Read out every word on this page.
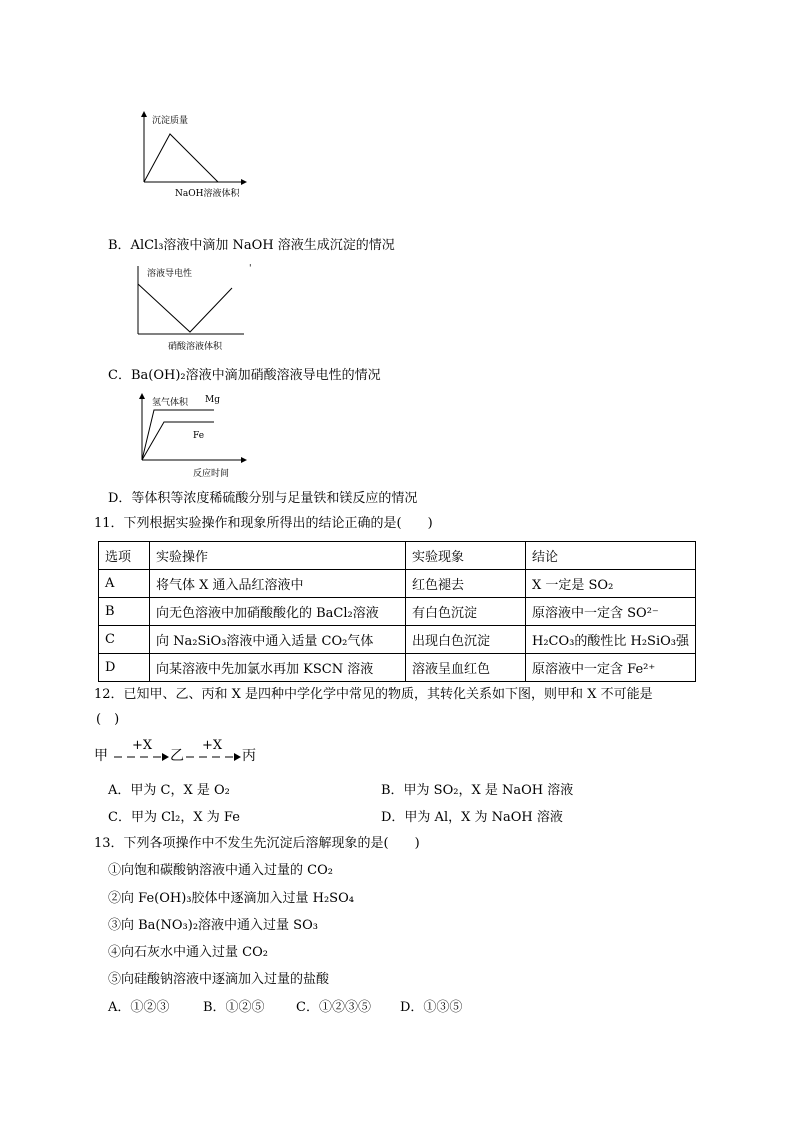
沉淀质量
NaOH溶液体积
B．AlCl₃溶液中滴加 NaOH 溶液生成沉淀的情况
溶液导电性	'
硝酸溶液体积
C．Ba(OH)₂溶液中滴加硝酸溶液导电性的情况
氢气体积 Mg
Fe
反应时间
D．等体积等浓度稀硫酸分别与足量铁和镁反应的情况
11．下列根据实验操作和现象所得出的结论正确的是(　　)
选项	实验操作	实验现象	结论
A	将气体 X 通入品红溶液中	红色褪去	X 一定是 SO₂
B	向无色溶液中加硝酸酸化的 BaCl₂溶液	有白色沉淀	原溶液中一定含 SO²⁻
C	向 Na₂SiO₃溶液中通入适量 CO₂气体	出现白色沉淀	H₂CO₃的酸性比 H₂SiO₃强
D	向某溶液中先加氯水再加 KSCN 溶液	溶液呈血红色	原溶液中一定含 Fe²⁺
12．已知甲、乙、丙和 X 是四种中学化学中常见的物质，其转化关系如下图，则甲和 X 不可能是
(　)
甲
+X
乙
+X
丙
A．甲为 C，X 是 O₂	B．甲为 SO₂，X 是 NaOH 溶液
C．甲为 Cl₂，X 为 Fe	D．甲为 Al，X 为 NaOH 溶液
13．下列各项操作中不发生先沉淀后溶解现象的是(　　)
①向饱和碳酸钠溶液中通入过量的 CO₂
②向 Fe(OH)₃胶体中逐滴加入过量 H₂SO₄
③向 Ba(NO₃)₂溶液中通入过量 SO₃
④向石灰水中通入过量 CO₂
⑤向硅酸钠溶液中逐滴加入过量的盐酸
A．①②③	B．①②⑤ C．①②③⑤ D．①③⑤
